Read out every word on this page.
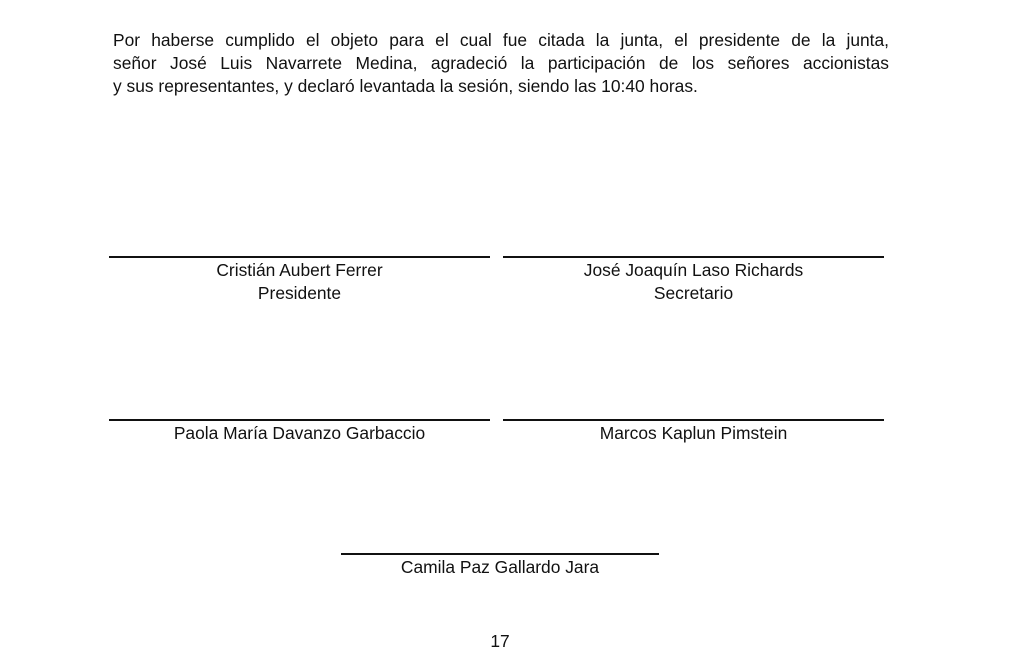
Por haberse cumplido el objeto para el cual fue citada la junta, el presidente de la junta,
señor José Luis Navarrete Medina, agradeció la participación de los señores accionistas
y sus representantes, y declaró levantada la sesión, siendo las 10:40 horas.

Cristián Aubert Ferrer
Presidente
José Joaquín Laso Richards
Secretario
Paola María Davanzo Garbaccio	Marcos Kaplun Pimstein
Camila Paz Gallardo Jara
17
